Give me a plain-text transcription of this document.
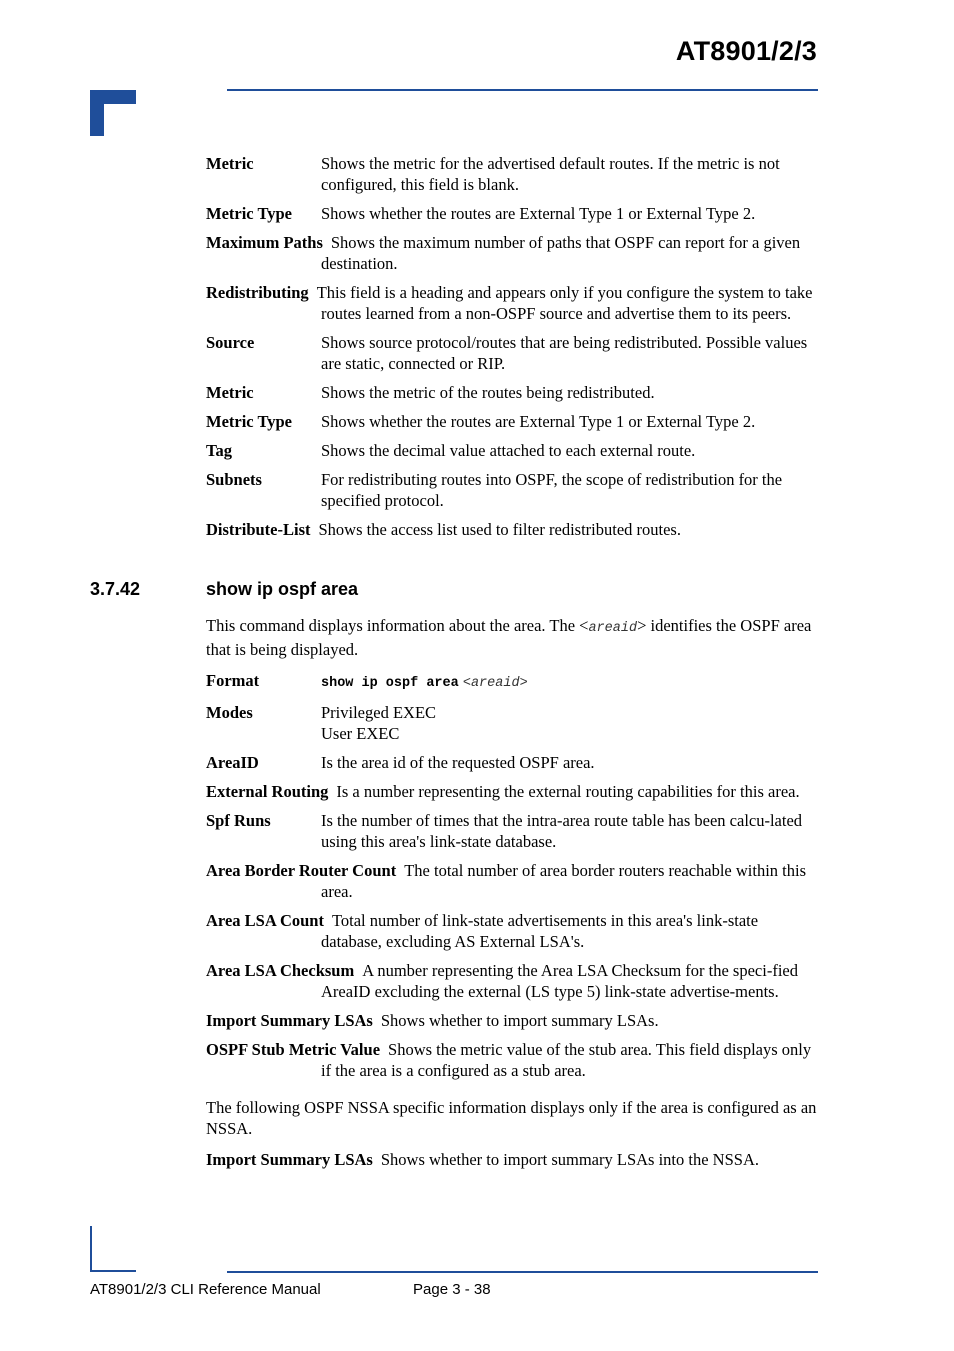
AT8901/2/3
Metric	Shows the metric for the advertised default routes. If the metric is not configured, this field is blank.
Metric Type Shows whether the routes are External Type 1 or External Type 2.
Maximum Paths Shows the maximum number of paths that OSPF can report for a given destination.
Redistributing This field is a heading and appears only if you configure the system to take routes learned from a non-OSPF source and advertise them to its peers.
Source	Shows source protocol/routes that are being redistributed. Possible values are static, connected or RIP.
Metric	Shows the metric of the routes being redistributed.
Metric Type Shows whether the routes are External Type 1 or External Type 2.
Tag	Shows the decimal value attached to each external route.
Subnets	For redistributing routes into OSPF, the scope of redistribution for the specified protocol.
Distribute-List Shows the access list used to filter redistributed routes.
3.7.42	show ip ospf area

This command displays information about the area. The <areaid> identifies the OSPF area that is being displayed.

Format	show ip ospf area <areaid>
Modes	Privileged EXEC
User EXEC
AreaID	Is the area id of the requested OSPF area.
External Routing Is a number representing the external routing capabilities for this area.
Spf Runs	Is the number of times that the intra-area route table has been calcu-lated using this area's link-state database.
Area Border Router Count The total number of area border routers reachable within this area.
Area LSA Count Total number of link-state advertisements in this area's link-state database, excluding AS External LSA's.
Area LSA Checksum A number representing the Area LSA Checksum for the speci-fied AreaID excluding the external (LS type 5) link-state advertise-ments.
Import Summary LSAs Shows whether to import summary LSAs.
OSPF Stub Metric Value Shows the metric value of the stub area. This field displays only if the area is a configured as a stub area.

The following OSPF NSSA specific information displays only if the area is configured as an NSSA.

Import Summary LSAs Shows whether to import summary LSAs into the NSSA.
AT8901/2/3 CLI Reference Manual	Page 3 - 38
